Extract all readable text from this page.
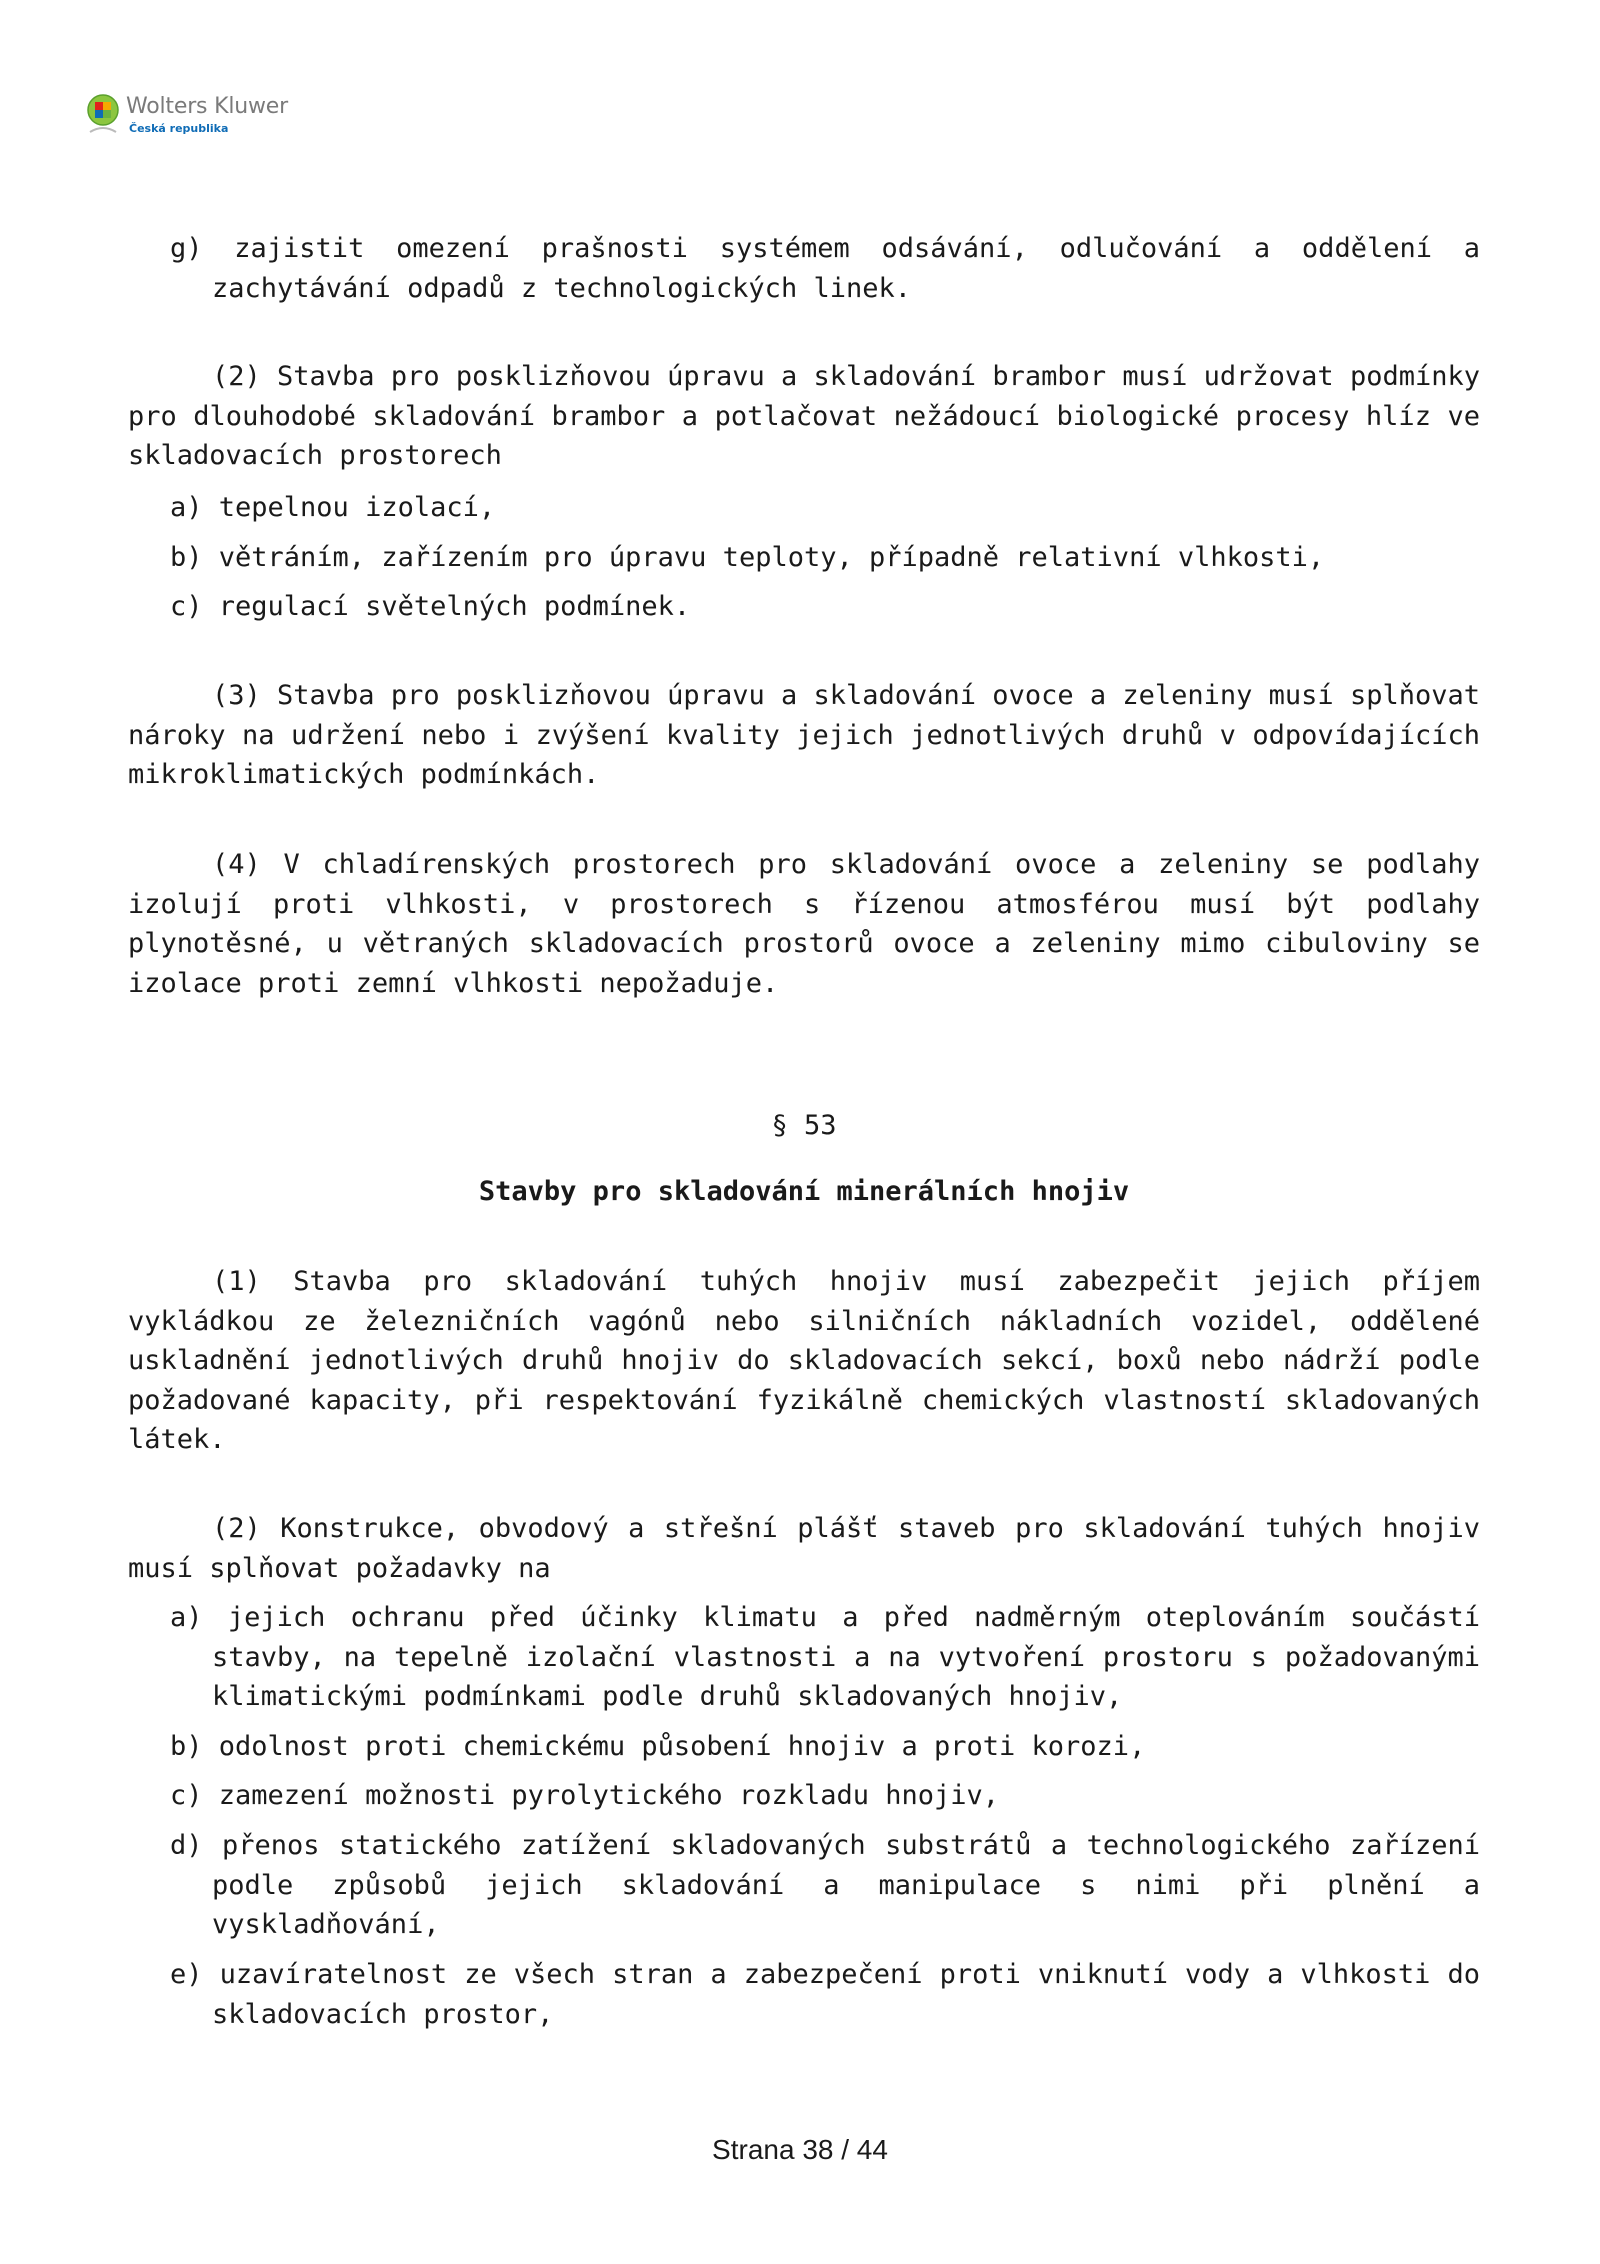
Wolters Kluwer
Česká republika
g) zajistit omezení prašnosti systémem odsávání, odlučování a oddělení a zachytávání odpadů z technologických linek.
(2) Stavba pro posklizňovou úpravu a skladování brambor musí udržovat podmínky pro dlouhodobé skladování brambor a potlačovat nežádoucí biologické procesy hlíz ve skladovacích prostorech
a) tepelnou izolací,
b) větráním, zařízením pro úpravu teploty, případně relativní vlhkosti,
c) regulací světelných podmínek.
(3) Stavba pro posklizňovou úpravu a skladování ovoce a zeleniny musí splňovat nároky na udržení nebo i zvýšení kvality jejich jednotlivých druhů v odpovídajících mikroklimatických podmínkách.
(4) V chladírenských prostorech pro skladování ovoce a zeleniny se podlahy izolují proti vlhkosti, v prostorech s řízenou atmosférou musí být podlahy plynotěsné, u větraných skladovacích prostorů ovoce a zeleniny mimo cibuloviny se izolace proti zemní vlhkosti nepožaduje.
§ 53
Stavby pro skladování minerálních hnojiv
(1) Stavba pro skladování tuhých hnojiv musí zabezpečit jejich příjem vykládkou ze železničních vagónů nebo silničních nákladních vozidel, oddělené uskladnění jednotlivých druhů hnojiv do skladovacích sekcí, boxů nebo nádrží podle požadované kapacity, při respektování fyzikálně chemických vlastností skladovaných látek.
(2) Konstrukce, obvodový a střešní plášť staveb pro skladování tuhých hnojiv musí splňovat požadavky na
a) jejich ochranu před účinky klimatu a před nadměrným oteplováním součástí stavby, na tepelně izolační vlastnosti a na vytvoření prostoru s požadovanými klimatickými podmínkami podle druhů skladovaných hnojiv,
b) odolnost proti chemickému působení hnojiv a proti korozi,
c) zamezení možnosti pyrolytického rozkladu hnojiv,
d) přenos statického zatížení skladovaných substrátů a technologického zařízení podle způsobů jejich skladování a manipulace s nimi při plnění a vyskladňování,
e) uzavíratelnost ze všech stran a zabezpečení proti vniknutí vody a vlhkosti do skladovacích prostor,
Strana 38 / 44
